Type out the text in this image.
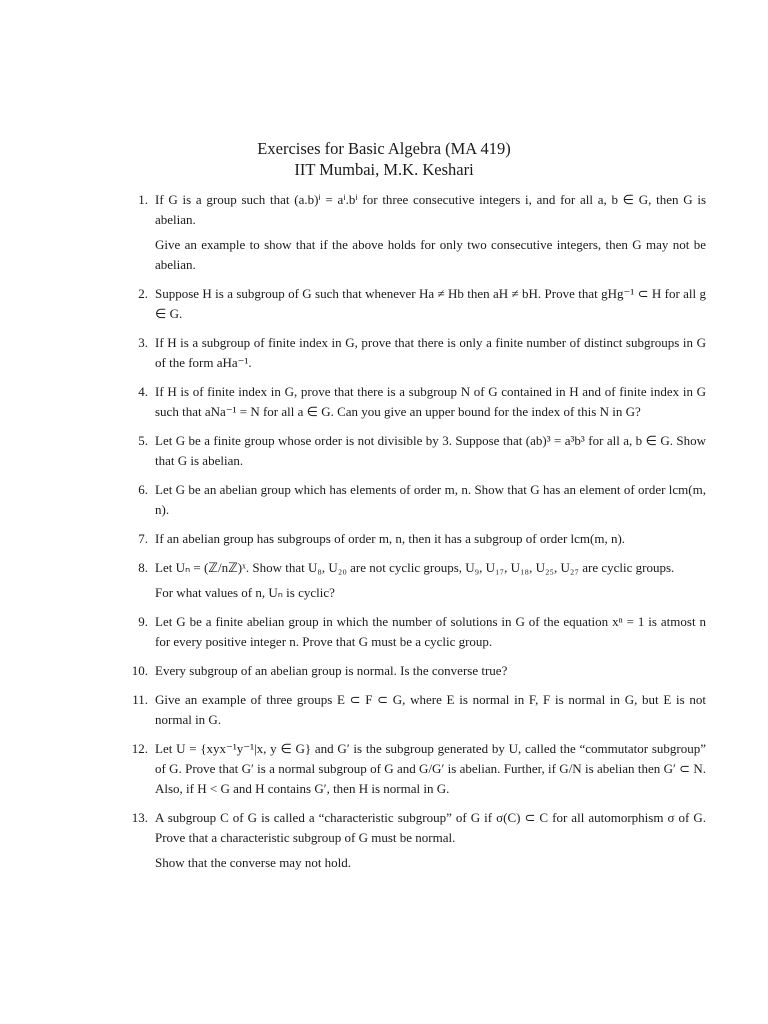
Exercises for Basic Algebra (MA 419)
IIT Mumbai, M.K. Keshari
1. If G is a group such that (a.b)ⁱ = aⁱ.bⁱ for three consecutive integers i, and for all a, b ∈ G, then G is abelian.

Give an example to show that if the above holds for only two consecutive integers, then G may not be abelian.

2. Suppose H is a subgroup of G such that whenever Ha ≠ Hb then aH ≠ bH. Prove that gHg⁻¹ ⊂ H for all g ∈ G.

3. If H is a subgroup of finite index in G, prove that there is only a finite number of distinct subgroups in G of the form aHa⁻¹.

4. If H is of finite index in G, prove that there is a subgroup N of G contained in H and of finite index in G such that aNa⁻¹ = N for all a ∈ G. Can you give an upper bound for the index of this N in G?

5. Let G be a finite group whose order is not divisible by 3. Suppose that (ab)³ = a³b³ for all a, b ∈ G. Show that G is abelian.

6. Let G be an abelian group which has elements of order m, n. Show that G has an element of order lcm(m, n).

7. If an abelian group has subgroups of order m, n, then it has a subgroup of order lcm(m, n).

8. Let Uₙ = (ℤ/nℤ)ˣ. Show that U₈, U₂₀ are not cyclic groups, U₉, U₁₇, U₁₈, U₂₅, U₂₇ are cyclic groups.

For what values of n, Uₙ is cyclic?

9. Let G be a finite abelian group in which the number of solutions in G of the equation xⁿ = 1 is atmost n for every positive integer n. Prove that G must be a cyclic group.

10. Every subgroup of an abelian group is normal. Is the converse true?

11. Give an example of three groups E ⊂ F ⊂ G, where E is normal in F, F is normal in G, but E is not normal in G.

12. Let U = {xyx⁻¹y⁻¹|x, y ∈ G} and G′ is the subgroup generated by U, called the “commutator subgroup” of G. Prove that G′ is a normal subgroup of G and G/G′ is abelian. Further, if G/N is abelian then G′ ⊂ N. Also, if H < G and H contains G′, then H is normal in G.

13. A subgroup C of G is called a “characteristic subgroup” of G if σ(C) ⊂ C for all automorphism σ of G. Prove that a characteristic subgroup of G must be normal.

Show that the converse may not hold.
